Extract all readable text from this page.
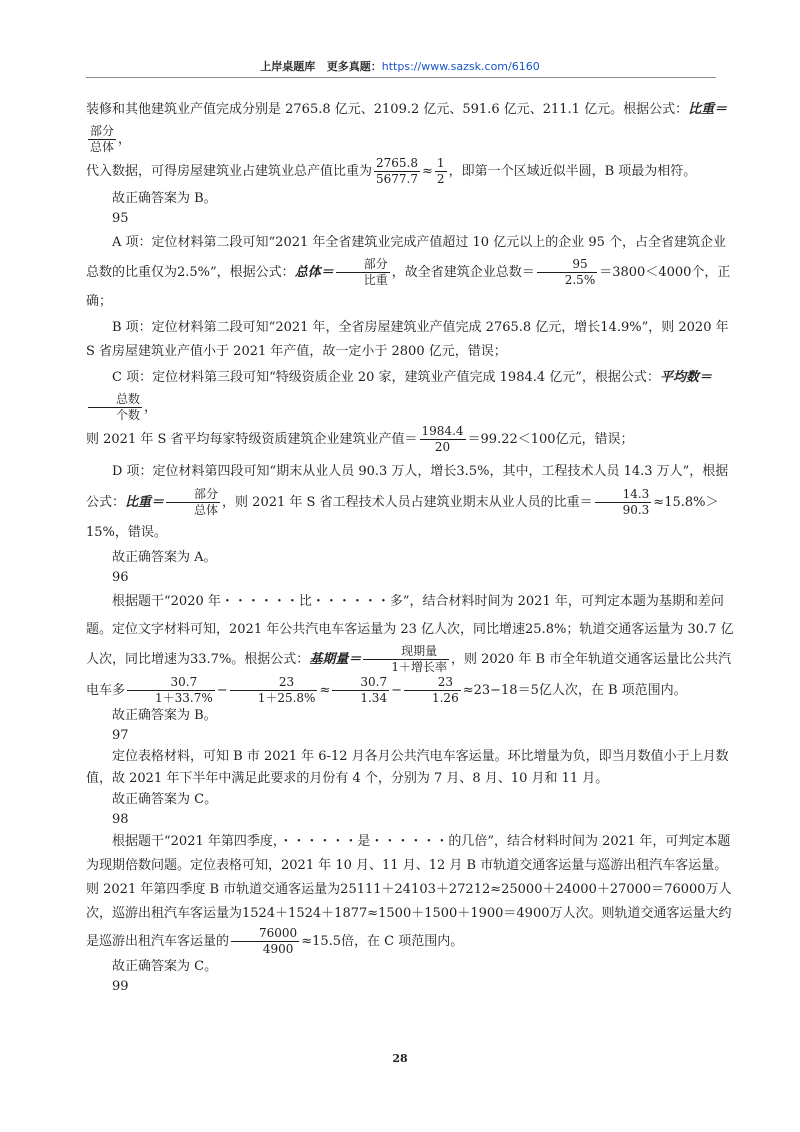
上岸桌题库 更多真题：https://www.sazsk.com/6160

装修和其他建筑业产值完成分别是 2765.8 亿元、2109.2 亿元、591.6 亿元、211.1 亿元。根据公式：比重＝
$\frac{\text{部分}}{\text{总体}}$ ，

代入数据，可得房屋建筑业占建筑业总产值比重为 $\frac{2765.8}{5677.7} \approx \frac{1}{2}$ ，即第一个区域近似半圆，B 项最为相符。

故正确答案为 B。

95

A 项：定位材料第二段可知“2021 年全省建筑业完成产值超过 10 亿元以上的企业 95 个，占全省建筑企业总数的比重仅为2.5%”，根据公式：总体＝ $\frac{\text{部分}}{\text{比重}}$ ，故全省建筑企业总数＝ $\frac{95}{2.5\%} =3800<4000$个，正确；

B 项：定位材料第二段可知“2021 年，全省房屋建筑业产值完成 2765.8 亿元，增长14.9%”，则 2020 年 S 省房屋建筑业产值小于 2021 年产值，故一定小于 2800 亿元，错误；

C 项：定位材料第三段可知“特级资质企业 20 家，建筑业产值完成 1984.4 亿元”，根据公式：平均数＝
$\frac{\text{总数}}{\text{个数}}$ ，

则 2021 年 S 省平均每家特级资质建筑企业建筑业产值＝ $\frac{1984.4}{20} =99.22<100$亿元，错误；

D 项：定位材料第四段可知“期末从业人员 90.3 万人，增长3.5%，其中，工程技术人员 14.3 万人”，根据公式：比重＝ $\frac{\text{部分}}{\text{总体}}$ ，则 2021 年 S 省工程技术人员占建筑业期末从业人员的比重＝ $\frac{14.3}{90.3} \approx 15.8\%>15\%$，错误。

故正确答案为 A。

96

根据题干“2020 年・・・・・・比・・・・・・多”，结合材料时间为 2021 年，可判定本题为基期和差问题。定位文字材料可知，2021 年公共汽电车客运量为 23 亿人次，同比增速25.8%；轨道交通客运量为 30.7 亿人次，同比增速为33.7%。根据公式：基期量＝ $\frac{\text{现期量}}{\text{1＋增长率}}$ ，则 2020 年 B 市全年轨道交通客运量比公共汽电车多 $\frac{30.7}{1+33.7\%} - \frac{23}{1+25.8\%} \approx \frac{30.7}{1.34} - \frac{23}{1.26} \approx 23-18=5$亿人次，在 B 项范围内。

故正确答案为 B。

97

定位表格材料，可知 B 市 2021 年 6-12 月各月公共汽电车客运量。环比增量为负，即当月数值小于上月数值，故 2021 年下半年中满足此要求的月份有 4 个，分别为 7 月、8 月、10 月和 11 月。

故正确答案为 C。

98

根据题干“2021 年第四季度，・・・・・・是・・・・・・的几倍”，结合材料时间为 2021 年，可判定本题为现期倍数问题。定位表格可知，2021 年 10 月、11 月、12 月 B 市轨道交通客运量与巡游出租汽车客运量。则 2021 年第四季度 B 市轨道交通客运量为25111＋24103＋27212≈25000＋24000＋27000＝76000万人次，巡游出租汽车客运量为1524＋1524＋1877≈1500＋1500＋1900＝4900万人次。则轨道交通客运量大约是巡游出租汽车客运量的 $\frac{76000}{4900} \approx 15.5$倍，在 C 项范围内。

故正确答案为 C。

99

28
